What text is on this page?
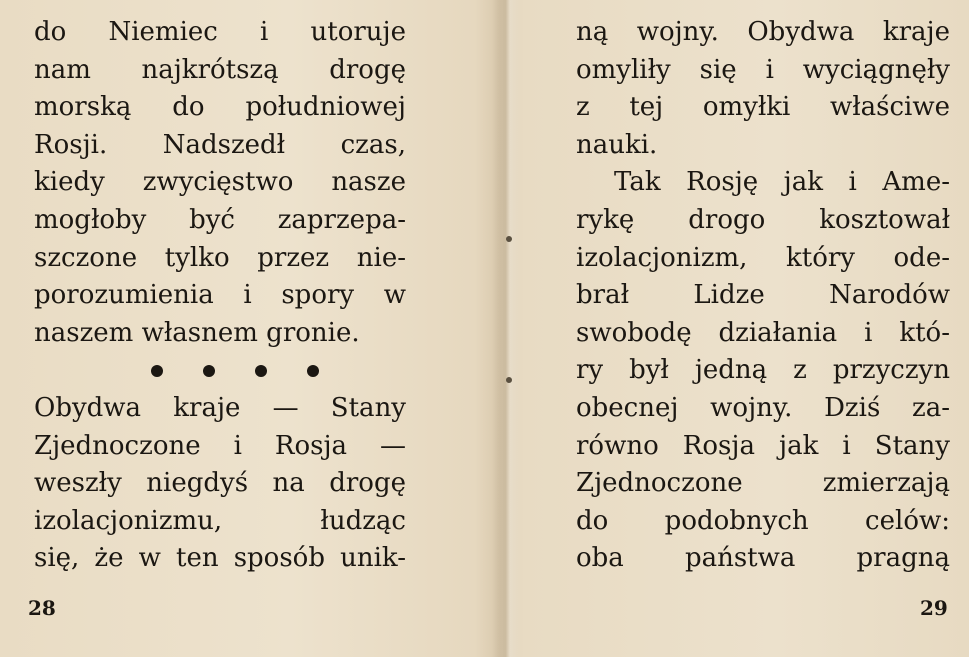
do Niemiec i utoruje
nam najkrótszą drogę
morską do południowej
Rosji. Nadszedł czas,
kiedy zwycięstwo nasze
mogłoby być zaprzepa-
szczone tylko przez nie-
porozumienia i spory w
naszem własnem gronie.
Obydwa kraje — Stany
Zjednoczone i Rosja —
weszły niegdyś na drogę
izolacjonizmu, łudząc
się, że w ten sposób unik-
28
ną wojny. Obydwa kraje
omyliły się i wyciągnęły
z tej omyłki właściwe
nauki.
Tak Rosję jak i Ame-
rykę drogo kosztował
izolacjonizm, który ode-
brał Lidze Narodów
swobodę działania i któ-
ry był jedną z przyczyn
obecnej wojny. Dziś za-
równo Rosja jak i Stany
Zjednoczone zmierzają
do podobnych celów:
oba państwa pragną
29
